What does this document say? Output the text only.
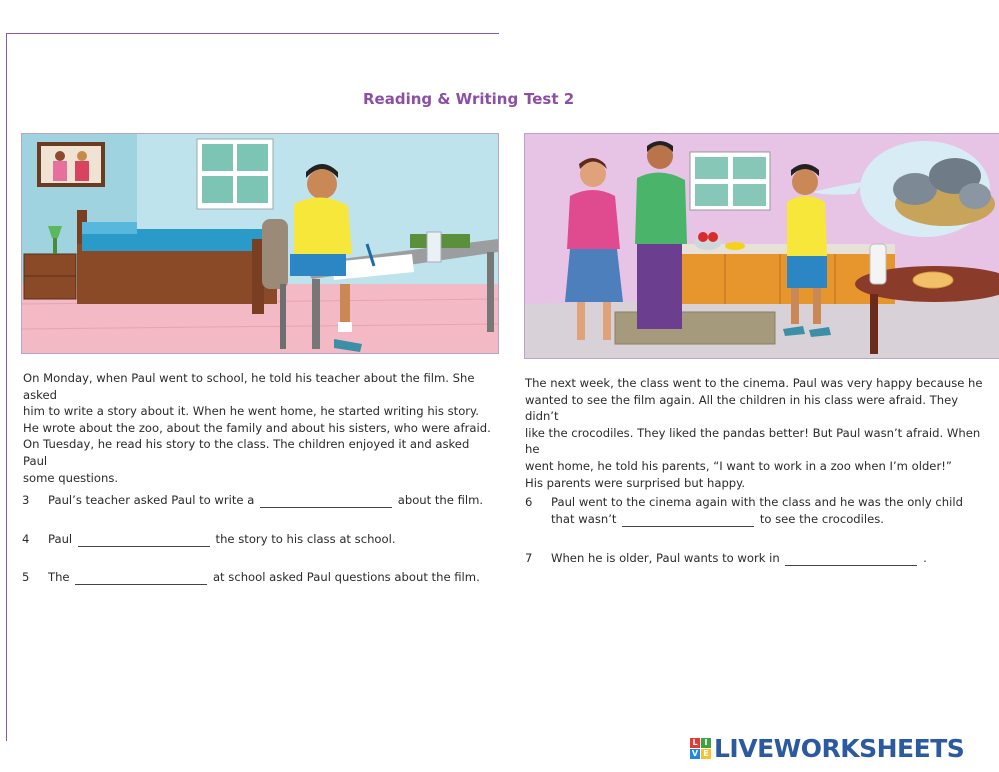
Reading & Writing Test 2
On Monday, when Paul went to school, he told his teacher about the film. She asked
him to write a story about it. When he went home, he started writing his story.
He wrote about the zoo, about the family and about his sisters, who were afraid.
On Tuesday, he read his story to the class. The children enjoyed it and asked Paul
some questions.
The next week, the class went to the cinema. Paul was very happy because he
wanted to see the film again. All the children in his class were afraid. They didn’t
like the crocodiles. They liked the pandas better! But Paul wasn’t afraid. When he
went home, he told his parents, “I want to work in a zoo when I’m older!”
His parents were surprised but happy.
3 Paul’s teacher asked Paul to write a	about the film.
4 Paul	the story to his class at school.
5 The	at school asked Paul questions about the film.
6 Paul went to the cinema again with the class and he was the only child
that wasn’t	to see the crocodiles.
7 When he is older, Paul wants to work in	.
L I
V E LIVEWORKSHEETS
